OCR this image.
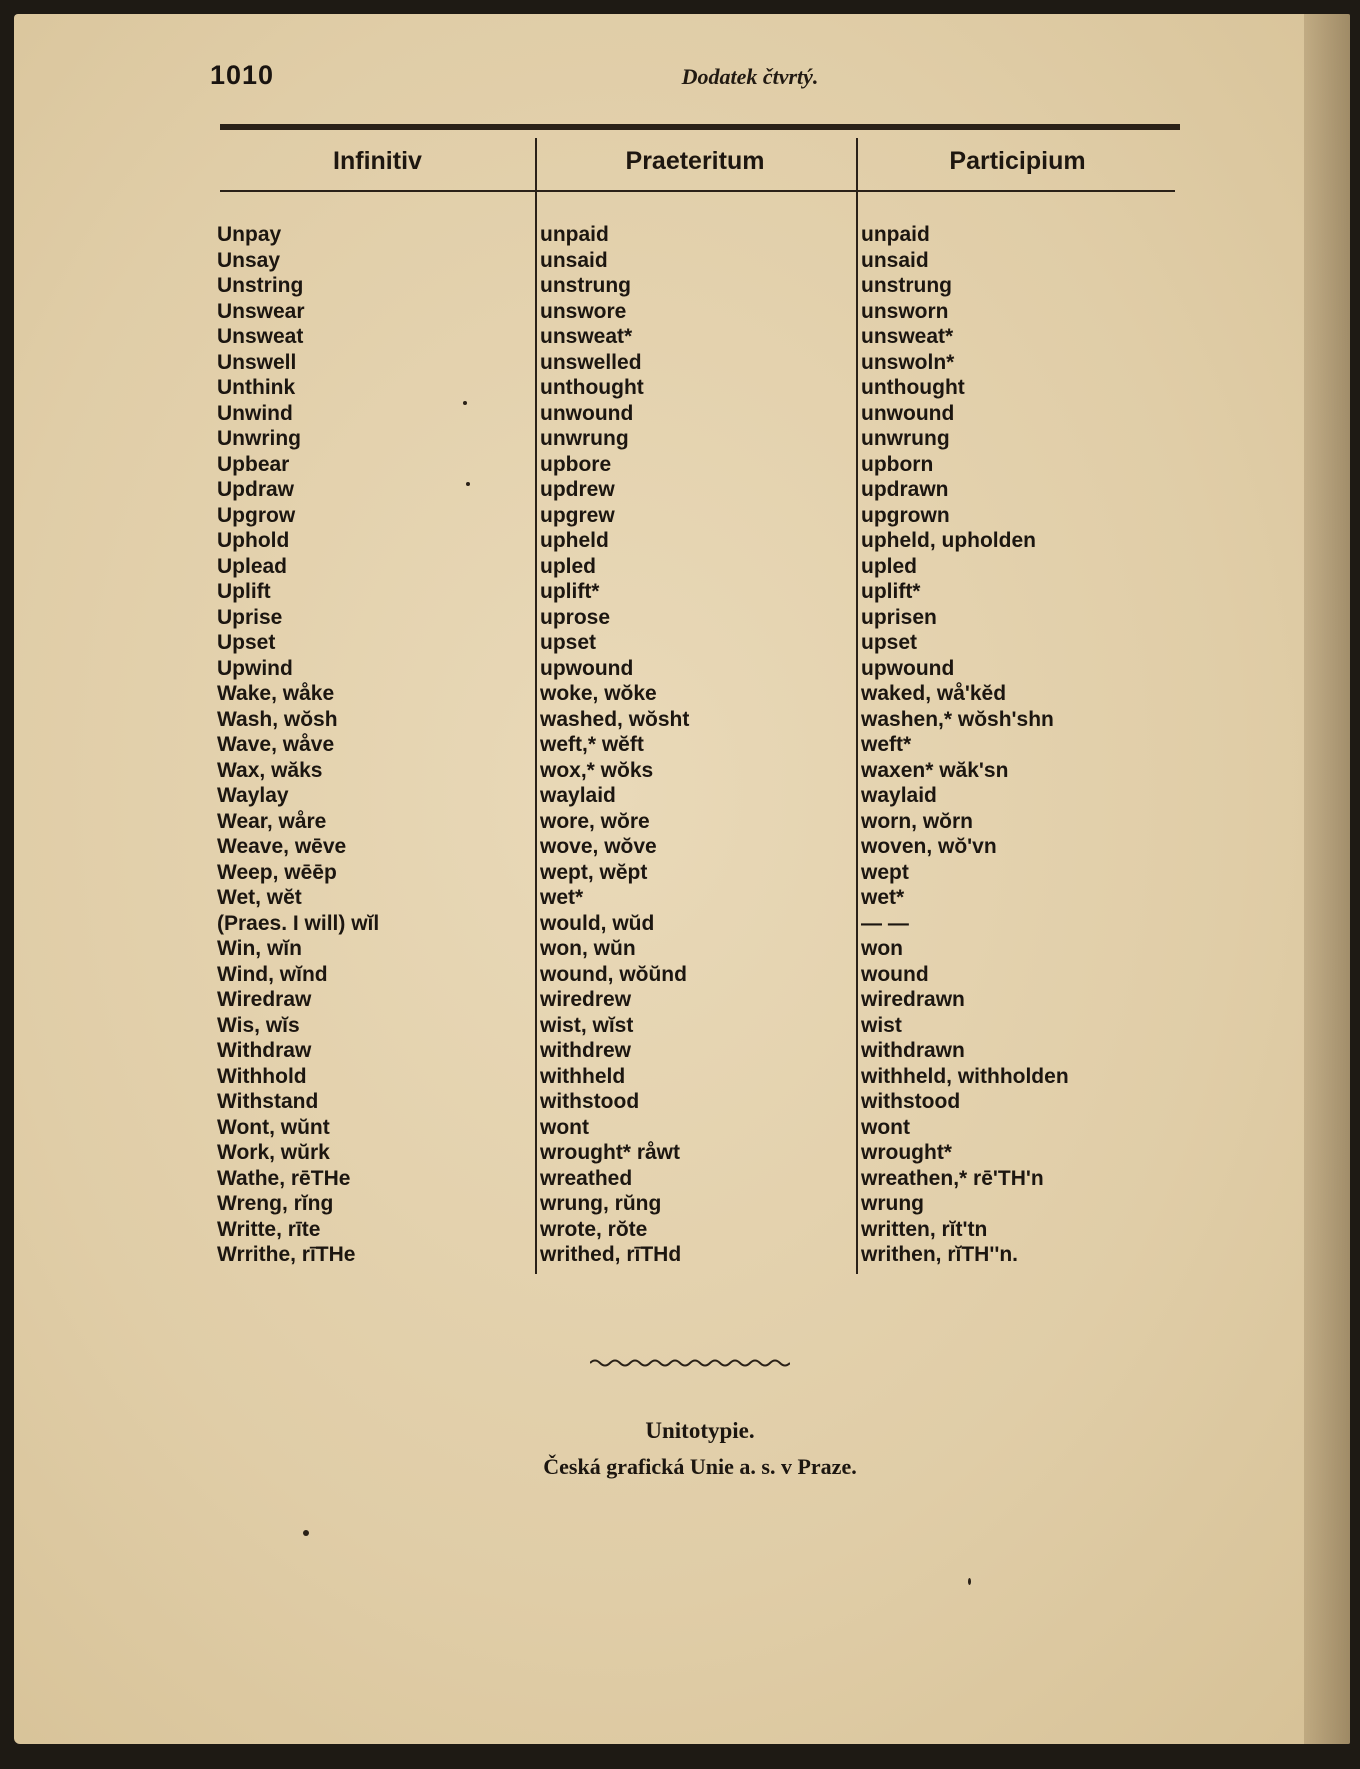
1010	Dodatek čtvrtý.
Infinitiv	Praeteritum	Participium
Unpay	unpaid	unpaid
Unsay	unsaid	unsaid
Unstring	unstrung	unstrung
Unswear	unswore	unsworn
Unsweat	unsweat*	unsweat*
Unswell	unswelled	unswoln*
Unthink	unthought	unthought
Unwind	unwound	unwound
Unwring	unwrung	unwrung
Upbear	upbore	upborn
Updraw	updrew	updrawn
Upgrow	upgrew	upgrown
Uphold	upheld	upheld, upholden
Uplead	upled	upled
Uplift	uplift*	uplift*
Uprise	uprose	uprisen
Upset	upset	upset
Upwind	upwound	upwound
Wake, wåke	woke, wŏke	waked, wå'kĕd
Wash, wŏsh	washed, wŏsht	washen,* wŏsh'shn
Wave, wåve	weft,* wĕft	weft*
Wax, wăks	wox,* wŏks	waxen* wăk'sn
Waylay	waylaid	waylaid
Wear, wåre	wore, wŏre	worn, wŏrn
Weave, wēve	wove, wŏve	woven, wŏ'vn
Weep, wēēp	wept, wĕpt	wept
Wet, wĕt	wet*	wet*
(Praes. I will) wĭl	would, wŭd	— —
Win, wĭn	won, wŭn	won
Wind, wĭnd	wound, wŏŭnd	wound
Wiredraw	wiredrew	wiredrawn
Wis, wĭs	wist, wĭst	wist
Withdraw	withdrew	withdrawn
Withhold	withheld	withheld, withholden
Withstand	withstood	withstood
Wont, wŭnt	wont	wont
Work, wŭrk	wrought* råwt	wrought*
Wathe, rēTHe	wreathed	wreathen,* rē'TH'n
Wreng, rĭng	wrung, rŭng	wrung
Writte, rīte	wrote, rŏte	written, rĭt'tn
Wrrithe, rīTHe	writhed, rīTHd	writhen, rĭTH''n.
Unitotypie.
Česká grafická Unie a. s. v Praze.
